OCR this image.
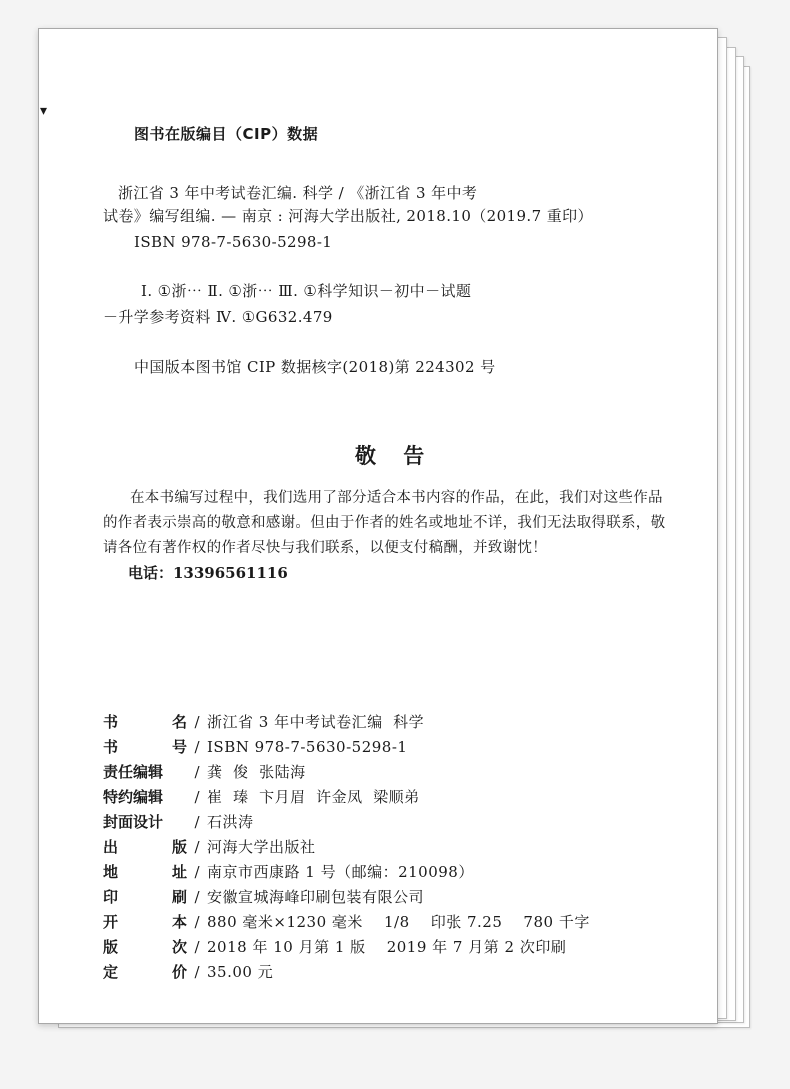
▾
图书在版编目（CIP）数据
浙江省 3 年中考试卷汇编. 科学 / 《浙江省 3 年中考
试卷》编写组编. — 南京 : 河海大学出版社, 2018.10（2019.7 重印）
ISBN 978-7-5630-5298-1
Ⅰ. ①浙⋯ Ⅱ. ①浙⋯ Ⅲ. ①科学知识－初中－试题
－升学参考资料 Ⅳ. ①G632.479
中国版本图书馆 CIP 数据核字(2018)第 224302 号
敬 告
在本书编写过程中，我们选用了部分适合本书内容的作品，在此，我们对这些作品
的作者表示崇高的敬意和感谢。但由于作者的姓名或地址不详，我们无法取得联系，敬
请各位有著作权的作者尽快与我们联系，以便支付稿酬，并致谢忱！
电话：13396561116
书	名 / 浙江省 3 年中考试卷汇编  科学
书	号 / ISBN 978-7-5630-5298-1
责任编辑	/ 龚  俊  张陆海
特约编辑	/ 崔  瑧  卞月眉  许金凤  梁顺弟
封面设计	/ 石洪涛
出	版 / 河海大学出版社
地	址 / 南京市西康路 1 号（邮编：210098）
印	刷 / 安徽宣城海峰印刷包装有限公司
开	本 / 880 毫米×1230 毫米    1/8    印张 7.25    780 千字
版	次 / 2018 年 10 月第 1 版    2019 年 7 月第 2 次印刷
定	价 / 35.00 元
